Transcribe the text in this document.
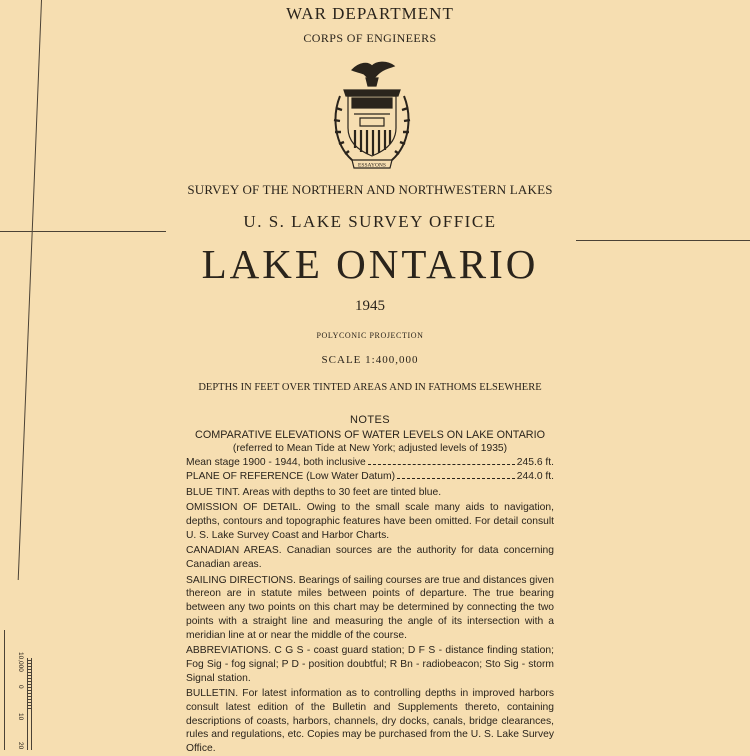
WAR DEPARTMENT
CORPS OF ENGINEERS
ESSAYONS
SURVEY OF THE NORTHERN AND NORTHWESTERN LAKES
U. S. LAKE SURVEY OFFICE
LAKE ONTARIO
1945
POLYCONIC PROJECTION
SCALE 1:400,000
DEPTHS IN FEET OVER TINTED AREAS AND IN FATHOMS ELSEWHERE

NOTES

COMPARATIVE ELEVATIONS OF WATER LEVELS ON LAKE ONTARIO

(referred to Mean Tide at New York; adjusted levels of 1935)

Mean stage 1900 - 1944, both inclusive	245.6 ft.
PLANE OF REFERENCE (Low Water Datum)	244.0 ft.

BLUE TINT. Areas with depths to 30 feet are tinted blue.

OMISSION OF DETAIL. Owing to the small scale many aids to navigation, depths, contours and topographic features have been omitted. For detail consult U. S. Lake Survey Coast and Harbor Charts.

CANADIAN AREAS. Canadian sources are the authority for data concerning Canadian areas.

SAILING DIRECTIONS. Bearings of sailing courses are true and distances given thereon are in statute miles between points of departure. The true bearing between any two points on this chart may be determined by connecting the two points with a straight line and measuring the angle of its intersection with a meridian line at or near the middle of the course.

ABBREVIATIONS. C G S - coast guard station; D F S - distance finding station; Fog Sig - fog signal; P D - position doubtful; R Bn - radiobeacon; Sto Sig - storm Signal station.

BULLETIN. For latest information as to controlling depths in improved harbors consult latest edition of the Bulletin and Supplements thereto, containing descriptions of coasts, harbors, channels, dry docks, canals, bridge clearances, rules and regulations, etc. Copies may be purchased from the U. S. Lake Survey Office.

10,000
0
10
20
